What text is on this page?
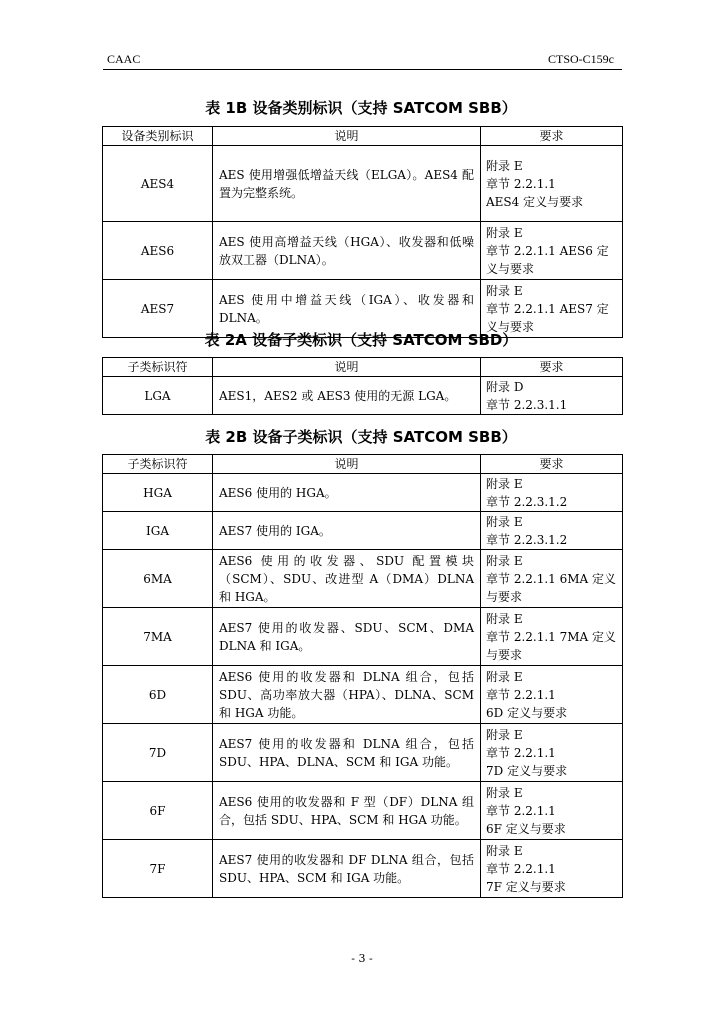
CAAC	CTSO-C159c
表 1B 设备类别标识（支持 SATCOM SBB）
设备类别标识	说明	要求
AES4	AES 使用增强低增益天线（ELGA）。AES4 配置为完整系统。	附录 E
章节 2.2.1.1
AES4 定义与要求

AES6	AES 使用高增益天线（HGA）、收发器和低噪放双工器（DLNA）。	附录 E
章节 2.2.1.1 AES6 定义与要求

AES7	AES 使用中增益天线（IGA）、收发器和 DLNA。	附录 E
章节 2.2.1.1 AES7 定义与要求
表 2A 设备子类标识（支持 SATCOM SBD）
子类标识符	说明	要求
LGA	AES1，AES2 或 AES3 使用的无源 LGA。	附录 D
章节 2.2.3.1.1
表 2B 设备子类标识（支持 SATCOM SBB）
子类标识符	说明	要求
HGA	AES6 使用的 HGA。	附录 E
章节 2.2.3.1.2

IGA	AES7 使用的 IGA。	附录 E
章节 2.2.3.1.2

6MA	AES6 使用的收发器、SDU 配置模块（SCM）、SDU、改进型 A（DMA）DLNA 和 HGA。	附录 E
章节 2.2.1.1 6MA 定义与要求

7MA	AES7 使用的收发器、SDU、SCM、DMA DLNA 和 IGA。	附录 E
章节 2.2.1.1 7MA 定义与要求

6D	AES6 使用的收发器和 DLNA 组合，包括 SDU、高功率放大器（HPA）、DLNA、SCM 和 HGA 功能。	附录 E
章节 2.2.1.1
6D 定义与要求

7D	AES7 使用的收发器和 DLNA 组合，包括 SDU、HPA、DLNA、SCM 和 IGA 功能。	附录 E
章节 2.2.1.1
7D 定义与要求

6F	AES6 使用的收发器和 F 型（DF）DLNA 组合，包括 SDU、HPA、SCM 和 HGA 功能。	附录 E
章节 2.2.1.1
6F 定义与要求

7F	AES7 使用的收发器和 DF DLNA 组合，包括 SDU、HPA、SCM 和 IGA 功能。	附录 E
章节 2.2.1.1
7F 定义与要求
- 3 -
